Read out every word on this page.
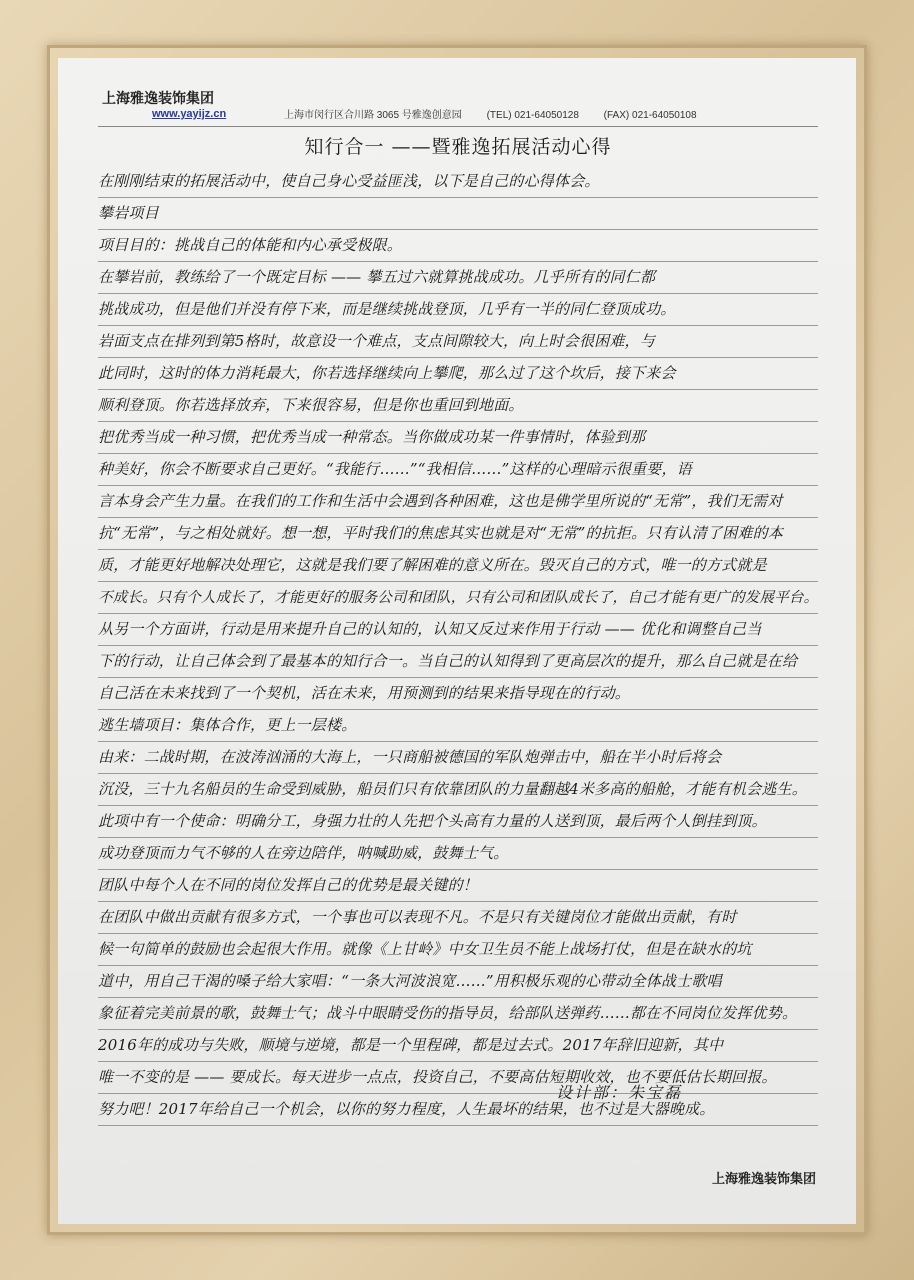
上海雅逸装饰集团
www.yayijz.cn	上海市闵行区合川路 3065 号雅逸创意园 (TEL) 021-64050128 (FAX) 021-64050108
知行合一 ——暨雅逸拓展活动心得
在刚刚结束的拓展活动中，使自己身心受益匪浅，以下是自己的心得体会。
攀岩项目
项目目的：挑战自己的体能和内心承受极限。
在攀岩前，教练给了一个既定目标 —— 攀五过六就算挑战成功。几乎所有的同仁都
挑战成功，但是他们并没有停下来，而是继续挑战登顶，几乎有一半的同仁登顶成功。
岩面支点在排列到第5格时，故意设一个难点，支点间隙较大，向上时会很困难，与
此同时，这时的体力消耗最大，你若选择继续向上攀爬，那么过了这个坎后，接下来会
顺利登顶。你若选择放弃，下来很容易，但是你也重回到地面。
把优秀当成一种习惯，把优秀当成一种常态。当你做成功某一件事情时，体验到那
种美好，你会不断要求自己更好。“我能行……”“我相信……”这样的心理暗示很重要，语
言本身会产生力量。在我们的工作和生活中会遇到各种困难，这也是佛学里所说的“无常”，我们无需对
抗“无常”，与之相处就好。想一想，平时我们的焦虑其实也就是对“无常”的抗拒。只有认清了困难的本
质，才能更好地解决处理它，这就是我们要了解困难的意义所在。毁灭自己的方式，唯一的方式就是
不成长。只有个人成长了，才能更好的服务公司和团队，只有公司和团队成长了，自己才能有更广的发展平台。
从另一个方面讲，行动是用来提升自己的认知的，认知又反过来作用于行动 —— 优化和调整自己当
下的行动，让自己体会到了最基本的知行合一。当自己的认知得到了更高层次的提升，那么自己就是在给
自己活在未来找到了一个契机，活在未来，用预测到的结果来指导现在的行动。
逃生墙项目：集体合作，更上一层楼。
由来：二战时期，在波涛汹涌的大海上，一只商船被德国的军队炮弹击中，船在半小时后将会
沉没，三十九名船员的生命受到威胁，船员们只有依靠团队的力量翻越4米多高的船舱，才能有机会逃生。
此项中有一个使命：明确分工，身强力壮的人先把个头高有力量的人送到顶，最后两个人倒挂到顶。
成功登顶而力气不够的人在旁边陪伴，呐喊助威，鼓舞士气。
团队中每个人在不同的岗位发挥自己的优势是最关键的！
在团队中做出贡献有很多方式，一个事也可以表现不凡。不是只有关键岗位才能做出贡献，有时
候一句简单的鼓励也会起很大作用。就像《上甘岭》中女卫生员不能上战场打仗，但是在缺水的坑
道中，用自己干渴的嗓子给大家唱：“一条大河波浪宽……”用积极乐观的心带动全体战士歌唱
象征着完美前景的歌，鼓舞士气；战斗中眼睛受伤的指导员，给部队送弹药……都在不同岗位发挥优势。
2016年的成功与失败，顺境与逆境，都是一个里程碑，都是过去式。2017年辞旧迎新，其中
唯一不变的是 —— 要成长。每天进步一点点，投资自己，不要高估短期收效，也不要低估长期回报。
努力吧！2017年给自己一个机会，以你的努力程度，人生最坏的结果，也不过是大器晚成。
设计部：朱宝磊
上海雅逸装饰集团
